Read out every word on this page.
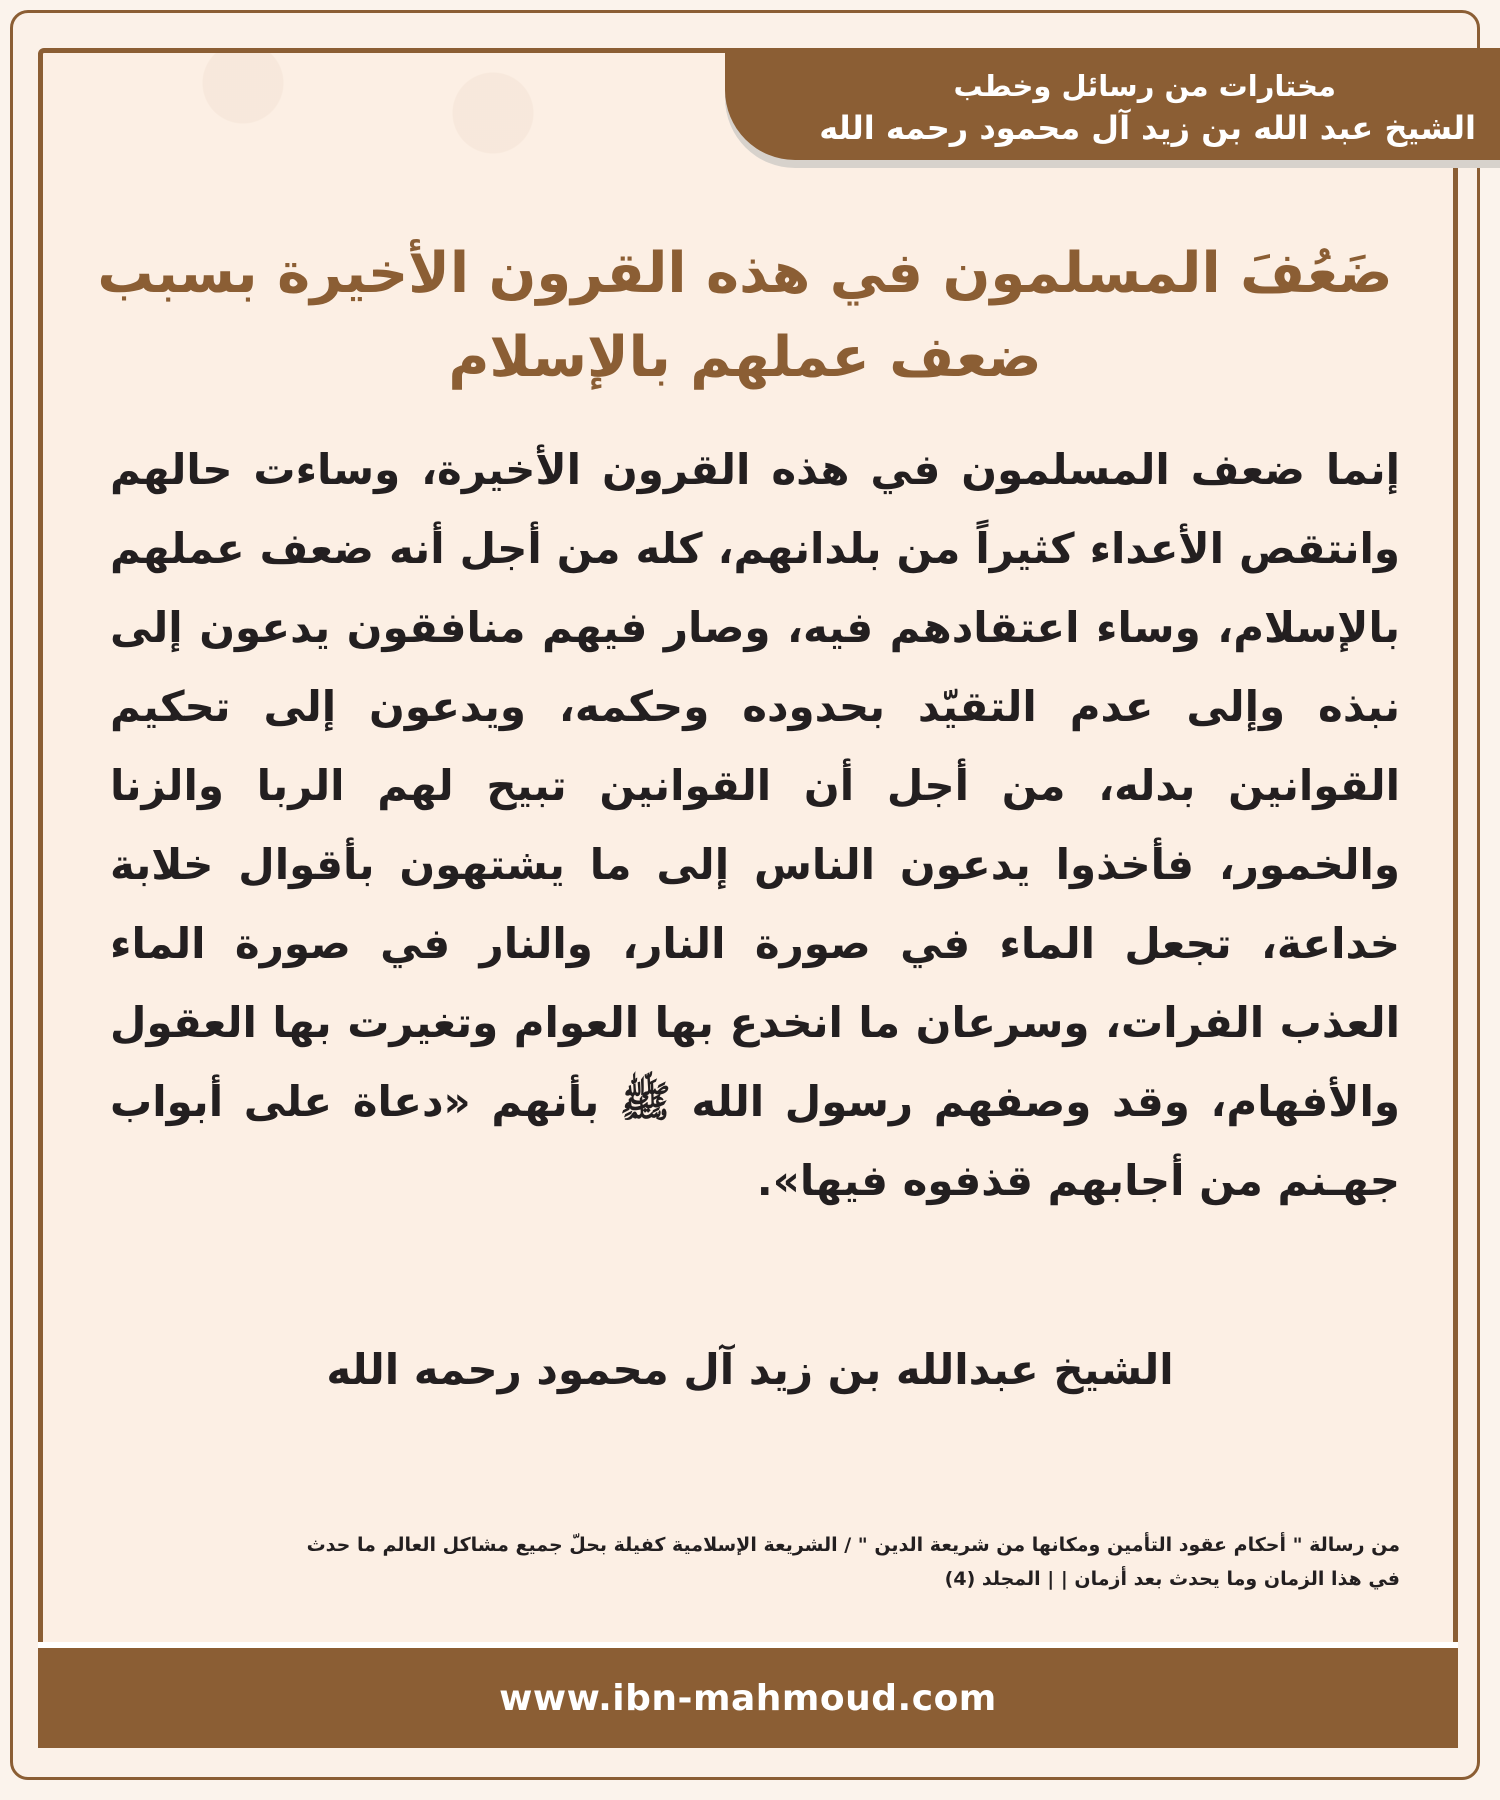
مختارات من رسائل وخطب
الشيخ عبد الله بن زيد آل محمود رحمه الله
ضَعُفَ المسلمون في هذه القرون الأخيرة بسبب
ضعف عملهم بالإسلام

إنما ضعف المسلمون في هذه القرون الأخيرة، وساءت حالهم وانتقص الأعداء كثيراً من بلدانهم، كله من أجل أنه ضعف عملهم بالإسلام، وساء اعتقادهم فيه، وصار فيهم منافقون يدعون إلى نبذه وإلى عدم التقيّد بحدوده وحكمه، ويدعون إلى تحكيم القوانين بدله، من أجل أن القوانين تبيح لهم الربا والزنا والخمور، فأخذوا يدعون الناس إلى ما يشتهون بأقوال خلابة خداعة، تجعل الماء في صورة النار، والنار في صورة الماء العذب الفرات، وسرعان ما انخدع بها العوام وتغيرت بها العقول والأفهام، وقد وصفهم رسول الله ﷺ بأنهم «دعاة على أبواب جهـنم من أجابهم قذفوه فيها».

الشيخ عبدالله بن زيد آل محمود رحمه الله
من رسالة " أحكام عقود التأمين ومكانها من شريعة الدين " / الشريعة الإسلامية كفيلة بحلّ جميع مشاكل العالم ما حدث
في هذا الزمان وما يحدث بعد أزمان | | المجلد (4)
www.ibn-mahmoud.com
